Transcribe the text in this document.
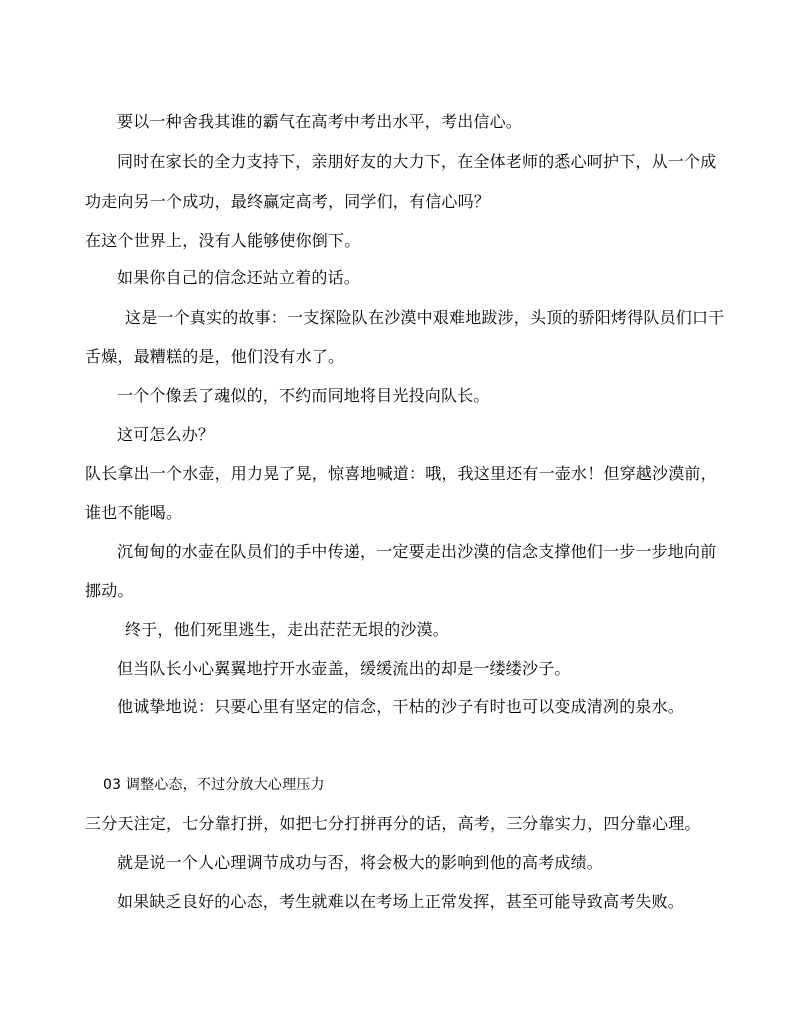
要以一种舍我其谁的霸气在高考中考出水平，考出信心。
同时在家长的全力支持下，亲朋好友的大力下，在全体老师的悉心呵护下，从一个成
功走向另一个成功，最终赢定高考，同学们，有信心吗？
在这个世界上，没有人能够使你倒下。
如果你自己的信念还站立着的话。
这是一个真实的故事：一支探险队在沙漠中艰难地跋涉，头顶的骄阳烤得队员们口干
舌燥，最糟糕的是，他们没有水了。
一个个像丢了魂似的，不约而同地将目光投向队长。
这可怎么办？
队长拿出一个水壶，用力晃了晃，惊喜地喊道：哦，我这里还有一壶水！但穿越沙漠前，
谁也不能喝。
沉甸甸的水壶在队员们的手中传递，一定要走出沙漠的信念支撑他们一步一步地向前
挪动。
终于，他们死里逃生，走出茫茫无垠的沙漠。
但当队长小心翼翼地拧开水壶盖，缓缓流出的却是一缕缕沙子。
他诚挚地说：只要心里有坚定的信念，干枯的沙子有时也可以变成清冽的泉水。
03 调整心态，不过分放大心理压力
三分天注定，七分靠打拼，如把七分打拼再分的话，高考，三分靠实力，四分靠心理。
就是说一个人心理调节成功与否，将会极大的影响到他的高考成绩。
如果缺乏良好的心态，考生就难以在考场上正常发挥，甚至可能导致高考失败。
